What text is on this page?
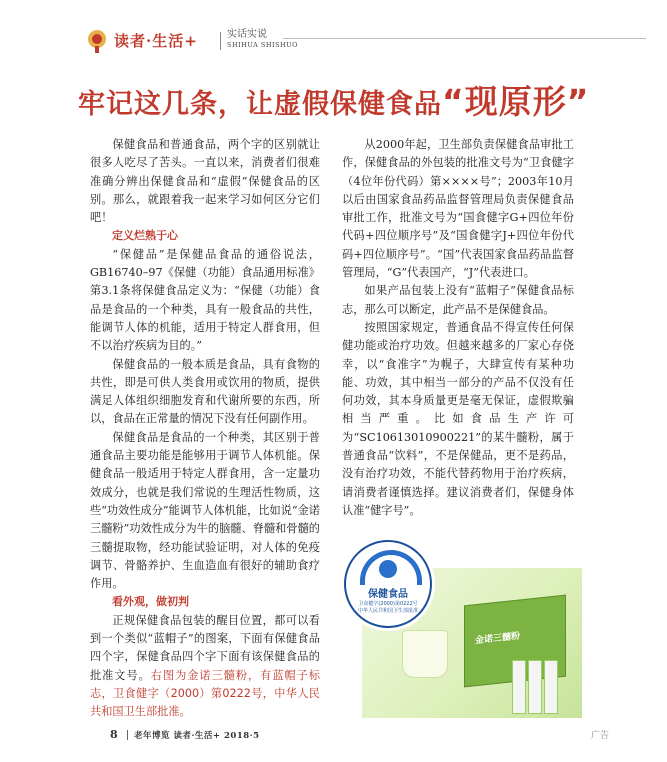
读者·生活+	实话实说
SHIHUA SHISHUO
牢记这几条，让虚假保健食品“现原形”

保健食品和普通食品，两个字的区别就让很多人吃尽了苦头。一直以来，消费者们很难准确分辨出保健食品和“虚假”保健食品的区别。那么，就跟着我一起来学习如何区分它们吧！

定义烂熟于心

“保健品”是保健品食品的通俗说法，GB16740–97《保健（功能）食品通用标准》第3.1条将保健食品定义为：“保健（功能）食品是食品的一个种类，具有一般食品的共性，能调节人体的机能，适用于特定人群食用，但不以治疗疾病为目的。”

保健食品的一般本质是食品，具有食物的共性，即是可供人类食用或饮用的物质，提供满足人体组织细胞发育和代谢所要的东西，所以，食品在正常量的情况下没有任何副作用。

保健食品是食品的一个种类，其区别于普通食品主要功能是能够用于调节人体机能。保健食品一般适用于特定人群食用，含一定量功效成分，也就是我们常说的生理活性物质，这些“功效性成分”能调节人体机能，比如说“金诺三髓粉”功效性成分为牛的脑髓、脊髓和骨髓的三髓提取物，经功能试验证明，对人体的免疫调节、骨骼养护、生血造血有很好的辅助食疗作用。

看外观，做初判

正规保健食品包装的醒目位置，都可以看到一个类似“蓝帽子”的图案，下面有保健食品四个字，保健食品四个字下面有该保健食品的批准文号。右图为金诺三髓粉，有蓝帽子标志，卫食健字（2000）第0222号，中华人民共和国卫生部批准。

从2000年起，卫生部负责保健食品审批工作，保健食品的外包装的批准文号为“卫食健字（4位年份代码）第××××号”；2003年10月以后由国家食品药品监督管理局负责保健食品审批工作，批准文号为“国食健字G+四位年份代码+四位顺序号”及“国食健字J+四位年份代码+四位顺序号”。“国”代表国家食品药品监督管理局，“G”代表国产，“J”代表进口。

如果产品包装上没有“蓝帽子”保健食品标志，那么可以断定，此产品不是保健食品。

按照国家规定，普通食品不得宣传任何保健功能或治疗功效。但越来越多的厂家心存侥幸，以“食准字”为幌子，大肆宣传有某种功能、功效，其中相当一部分的产品不仅没有任何功效，其本身质量更是毫无保证，虚假欺骗相当严重。比如食品生产许可为“SC10613010900221”的某牛髓粉，属于普通食品“饮料”，不是保健品，更不是药品，没有治疗功效，不能代替药物用于治疗疾病，请消费者谨慎选择。建议消费者们，保健身体认准“健字号”。

金诺三髓粉
保健食品
卫食健字(2000)第0222号
中华人民共和国卫生部批准
8 老年博览 读者·生活+ 2018·5	广告
